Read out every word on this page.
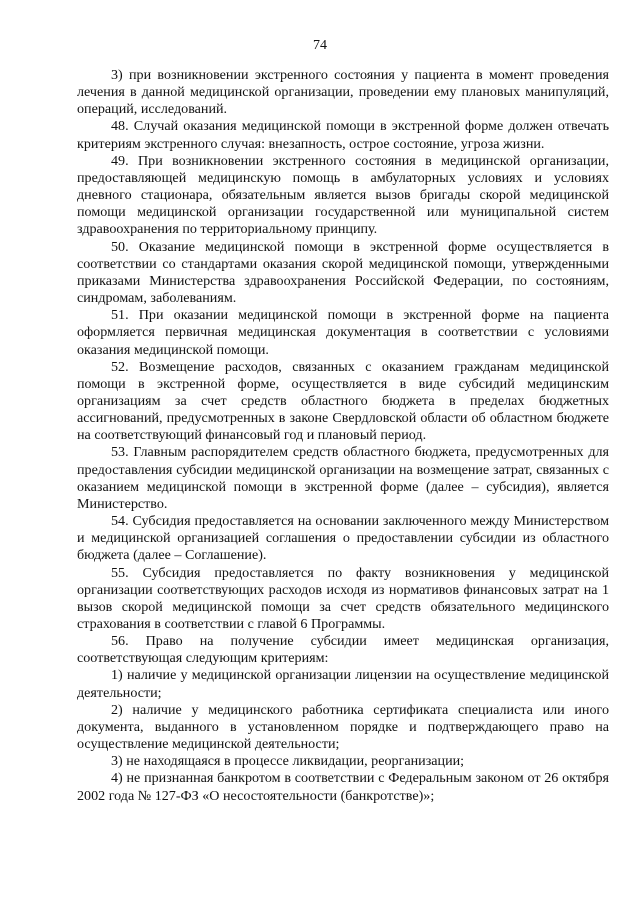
74

3) при возникновении экстренного состояния у пациента в момент проведения лечения в данной медицинской организации, проведении ему плановых манипуляций, операций, исследований.

48. Случай оказания медицинской помощи в экстренной форме должен отвечать критериям экстренного случая: внезапность, острое состояние, угроза жизни.

49. При возникновении экстренного состояния в медицинской организации, предоставляющей медицинскую помощь в амбулаторных условиях и условиях дневного стационара, обязательным является вызов бригады скорой медицинской помощи медицинской организации государственной или муниципальной систем здравоохранения по территориальному принципу.

50. Оказание медицинской помощи в экстренной форме осуществляется в соответствии со стандартами оказания скорой медицинской помощи, утвержденными приказами Министерства здравоохранения Российской Федерации, по состояниям, синдромам, заболеваниям.

51. При оказании медицинской помощи в экстренной форме на пациента оформляется первичная медицинская документация в соответствии с условиями оказания медицинской помощи.

52. Возмещение расходов, связанных с оказанием гражданам медицинской помощи в экстренной форме, осуществляется в виде субсидий медицинским организациям за счет средств областного бюджета в пределах бюджетных ассигнований, предусмотренных в законе Свердловской области об областном бюджете на соответствующий финансовый год и плановый период.

53. Главным распорядителем средств областного бюджета, предусмотренных для предоставления субсидии медицинской организации на возмещение затрат, связанных с оказанием медицинской помощи в экстренной форме (далее – субсидия), является Министерство.

54. Субсидия предоставляется на основании заключенного между Министерством и медицинской организацией соглашения о предоставлении субсидии из областного бюджета (далее – Соглашение).

55. Субсидия предоставляется по факту возникновения у медицинской организации соответствующих расходов исходя из нормативов финансовых затрат на 1 вызов скорой медицинской помощи за счет средств обязательного медицинского страхования в соответствии с главой 6 Программы.

56. Право на получение субсидии имеет медицинская организация, соответствующая следующим критериям:

1) наличие у медицинской организации лицензии на осуществление медицинской деятельности;

2) наличие у медицинского работника сертификата специалиста или иного документа, выданного в установленном порядке и подтверждающего право на осуществление медицинской деятельности;

3) не находящаяся в процессе ликвидации, реорганизации;

4) не признанная банкротом в соответствии с Федеральным законом от 26 октября 2002 года № 127-ФЗ «О несостоятельности (банкротстве)»;
